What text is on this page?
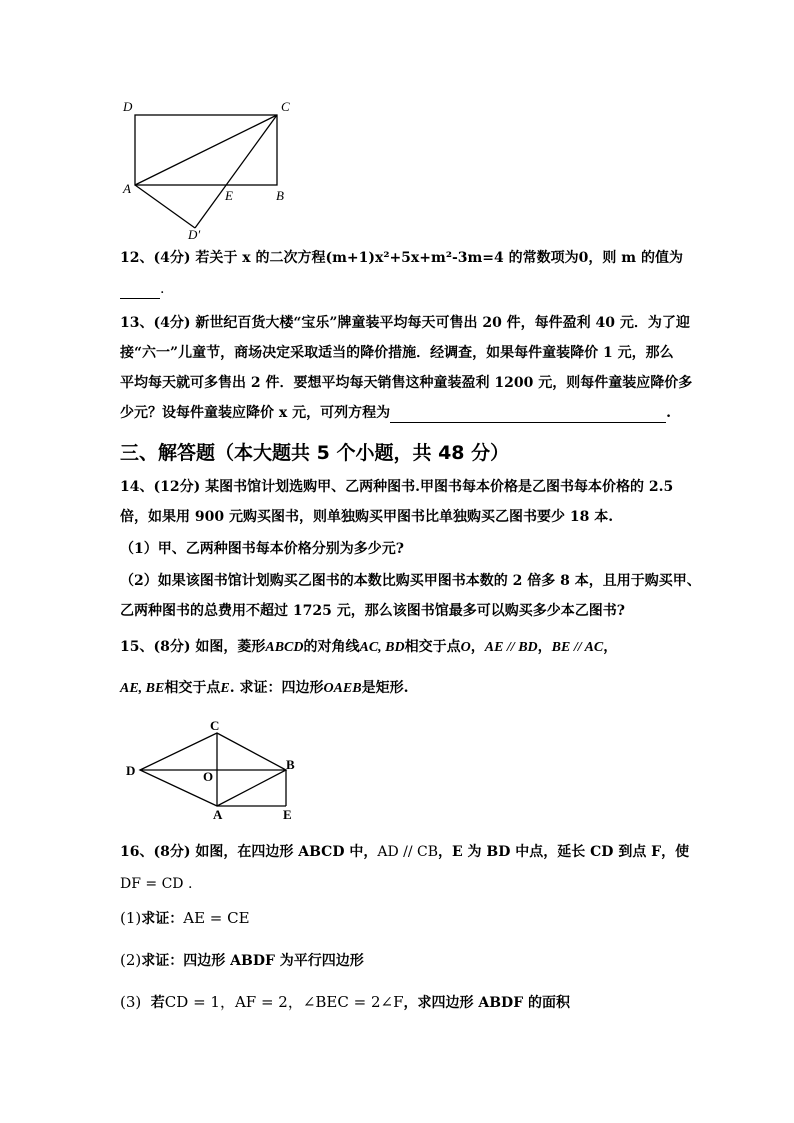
D	C
A	E	B
D′
12、(4分) 若关于 x 的二次方程(m+1)x²+5x+m²-3m=4 的常数项为0，则 m 的值为
.
13、(4分) 新世纪百货大楼“宝乐”牌童装平均每天可售出 20 件，每件盈利 40 元．为了迎
接“六一”儿童节，商场决定采取适当的降价措施．经调查，如果每件童装降价 1 元，那么
平均每天就可多售出 2 件．要想平均每天销售这种童装盈利 1200 元，则每件童装应降价多
少元？设每件童装应降价 x 元，可列方程为	.
三、解答题（本大题共 5 个小题，共 48 分）
14、(12分) 某图书馆计划选购甲、乙两种图书.甲图书每本价格是乙图书每本价格的 2.5
倍，如果用 900 元购买图书，则单独购买甲图书比单独购买乙图书要少 18 本.
（1）甲、乙两种图书每本价格分别为多少元?
（2）如果该图书馆计划购买乙图书的本数比购买甲图书本数的 2 倍多 8 本，且用于购买甲、
乙两种图书的总费用不超过 1725 元，那么该图书馆最多可以购买多少本乙图书?
15、(8分) 如图，菱形ABCD的对角线AC, BD相交于点O，AE // BD，BE // AC，
AE, BE相交于点E. 求证：四边形OAEB是矩形.
C
D	O
B
A	E
16、(8分) 如图，在四边形 ABCD 中，AD // CB，E 为 BD 中点，延长 CD 到点 F，使
DF = CD .
(1)求证：AE = CE
(2)求证：四边形 ABDF 为平行四边形
(3) 若CD = 1，AF = 2，∠BEC = 2∠F，求四边形 ABDF 的面积
